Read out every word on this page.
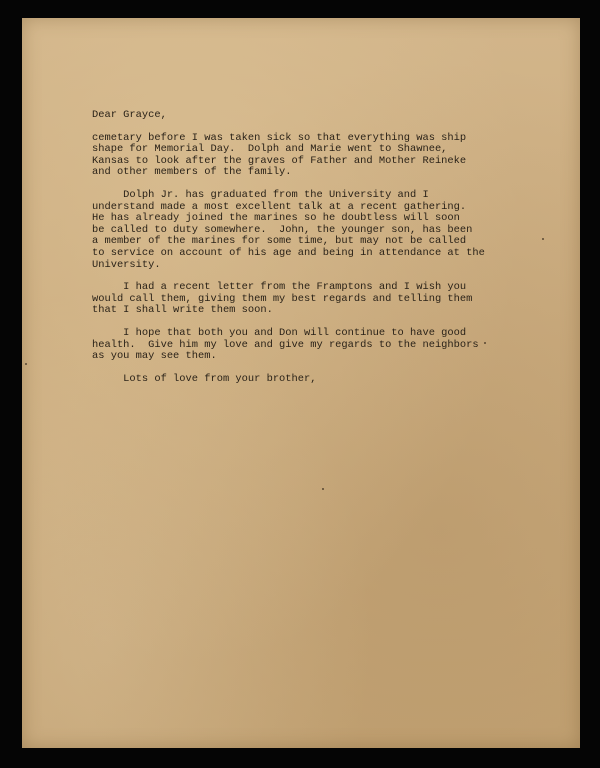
Dear Grayce,
cemetary before I was taken sick so that everything was ship
shape for Memorial Day.  Dolph and Marie went to Shawnee,
Kansas to look after the graves of Father and Mother Reineke
and other members of the family.
Dolph Jr. has graduated from the University and I
understand made a most excellent talk at a recent gathering.
He has already joined the marines so he doubtless will soon
be called to duty somewhere.  John, the younger son, has been
a member of the marines for some time, but may not be called
to service on account of his age and being in attendance at the
University.
I had a recent letter from the Framptons and I wish you
would call them, giving them my best regards and telling them
that I shall write them soon.
I hope that both you and Don will continue to have good
health.  Give him my love and give my regards to the neighbors
as you may see them.
Lots of love from your brother,
